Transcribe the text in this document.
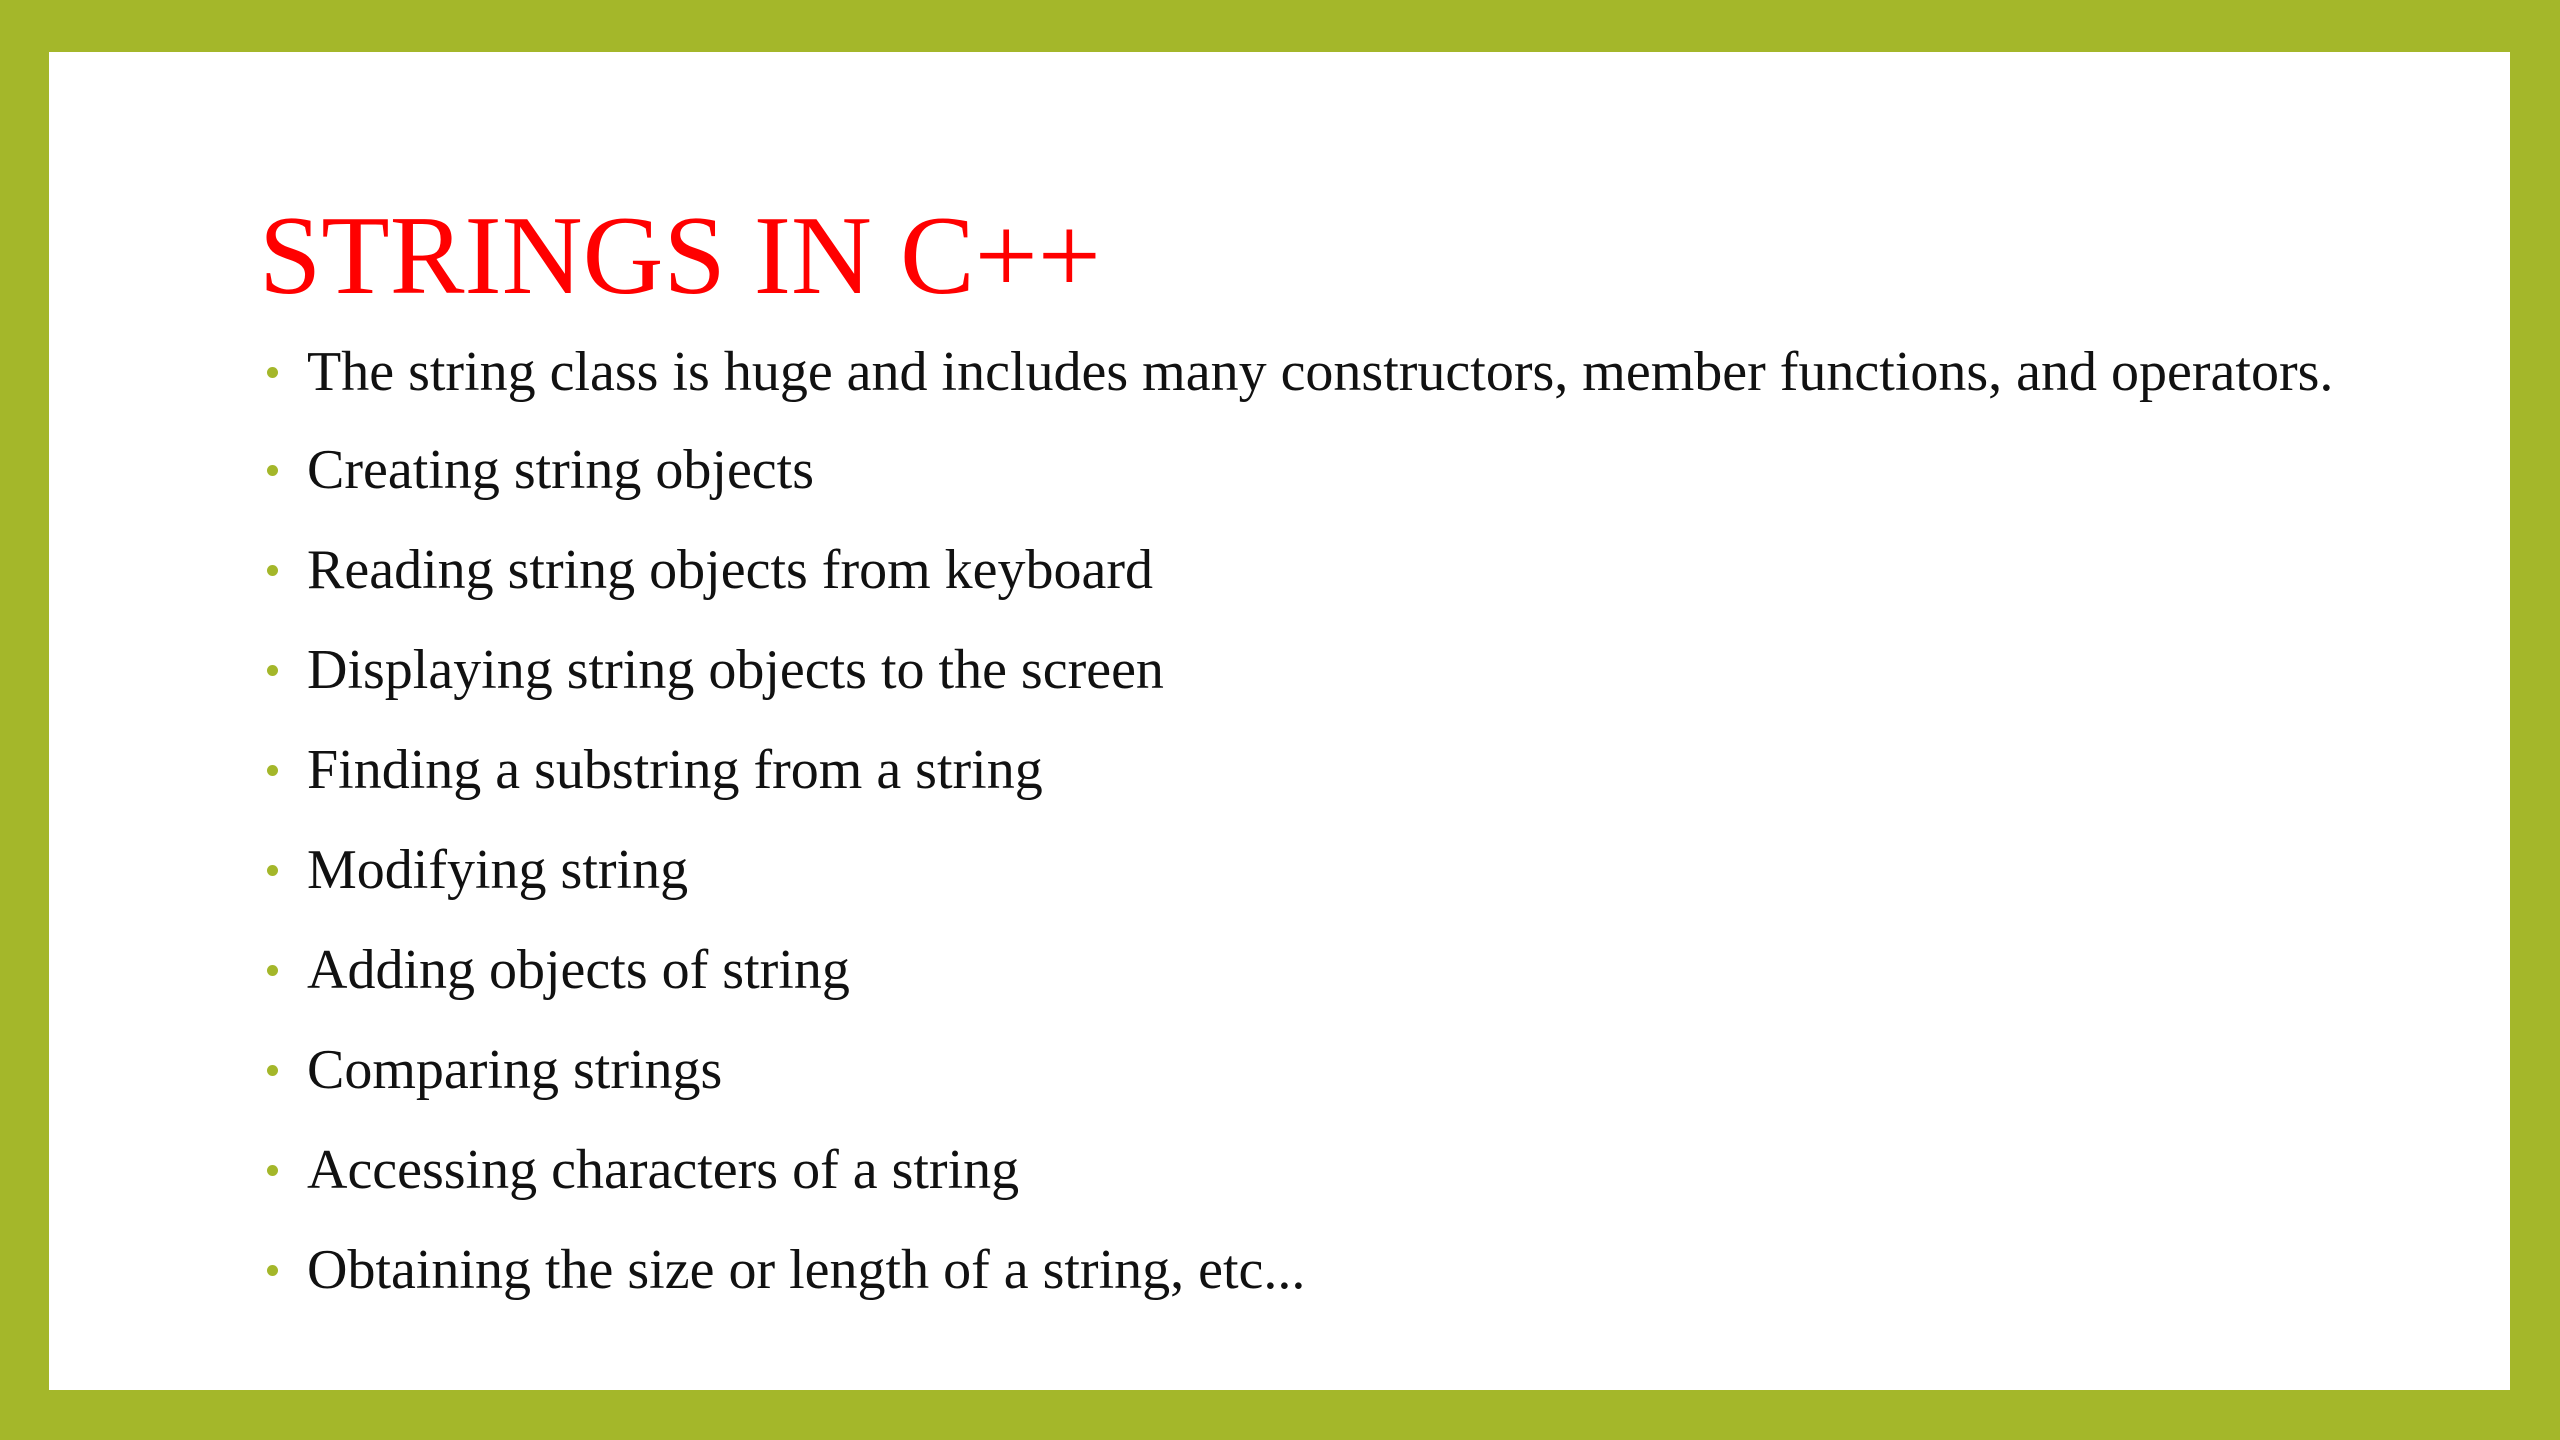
STRINGS IN C++
The string class is huge and includes many constructors, member functions, and operators.
Creating string objects
Reading string objects from keyboard
Displaying string objects to the screen
Finding a substring from a string
Modifying string
Adding objects of string
Comparing strings
Accessing characters of a string
Obtaining the size or length of a string, etc...
